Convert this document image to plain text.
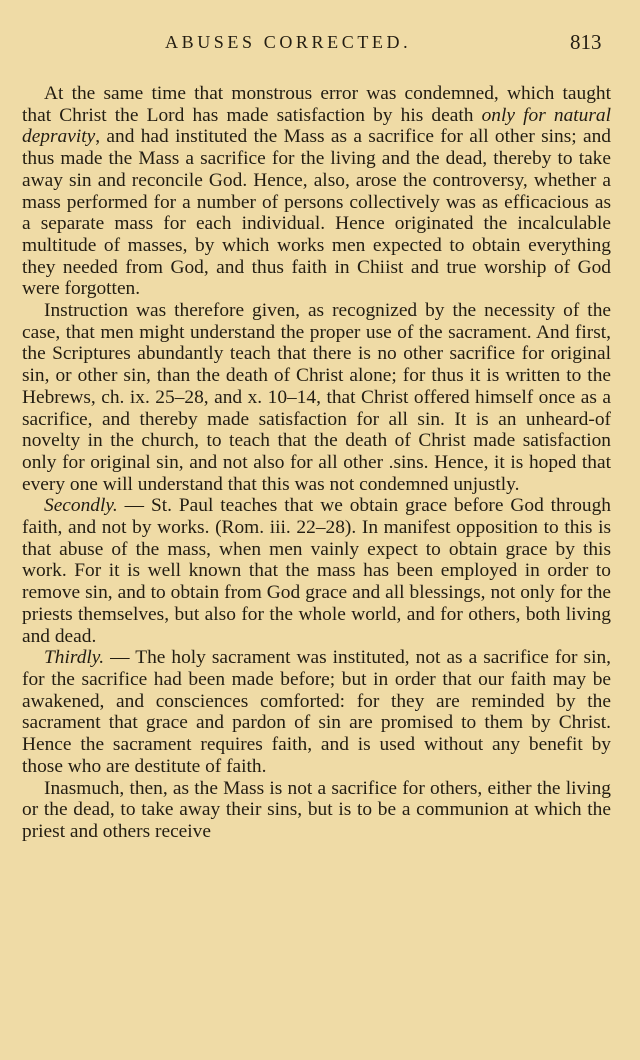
ABUSES CORRECTED.	813

At the same time that monstrous error was condemned, which taught that Christ the Lord has made satisfaction by his death only for natural depravity, and had instituted the Mass as a sacrifice for all other sins; and thus made the Mass a sacrifice for the living and the dead, thereby to take away sin and reconcile God. Hence, also, arose the controversy, whether a mass performed for a number of persons collectively was as efficacious as a separate mass for each individual. Hence originated the incalculable multitude of masses, by which works men expected to obtain everything they needed from God, and thus faith in Chiist and true worship of God were forgotten.

Instruction was therefore given, as recognized by the necessity of the case, that men might understand the proper use of the sacrament. And first, the Scriptures abundantly teach that there is no other sacrifice for original sin, or other sin, than the death of Christ alone; for thus it is written to the Hebrews, ch. ix. 25–28, and x. 10–14, that Christ offered himself once as a sacrifice, and thereby made satisfaction for all sin. It is an unheard-of novelty in the church, to teach that the death of Christ made satisfaction only for original sin, and not also for all other .sins. Hence, it is hoped that every one will understand that this was not condemned unjustly.

Secondly. — St. Paul teaches that we obtain grace before God through faith, and not by works. (Rom. iii. 22–28). In manifest opposition to this is that abuse of the mass, when men vainly expect to obtain grace by this work. For it is well known that the mass has been employed in order to remove sin, and to obtain from God grace and all blessings, not only for the priests themselves, but also for the whole world, and for others, both living and dead.

Thirdly. — The holy sacrament was instituted, not as a sacrifice for sin, for the sacrifice had been made before; but in order that our faith may be awakened, and consciences comforted: for they are reminded by the sacrament that grace and pardon of sin are promised to them by Christ. Hence the sacrament requires faith, and is used without any benefit by those who are destitute of faith.

Inasmuch, then, as the Mass is not a sacrifice for others, either the living or the dead, to take away their sins, but is to be a communion at which the priest and others receive
